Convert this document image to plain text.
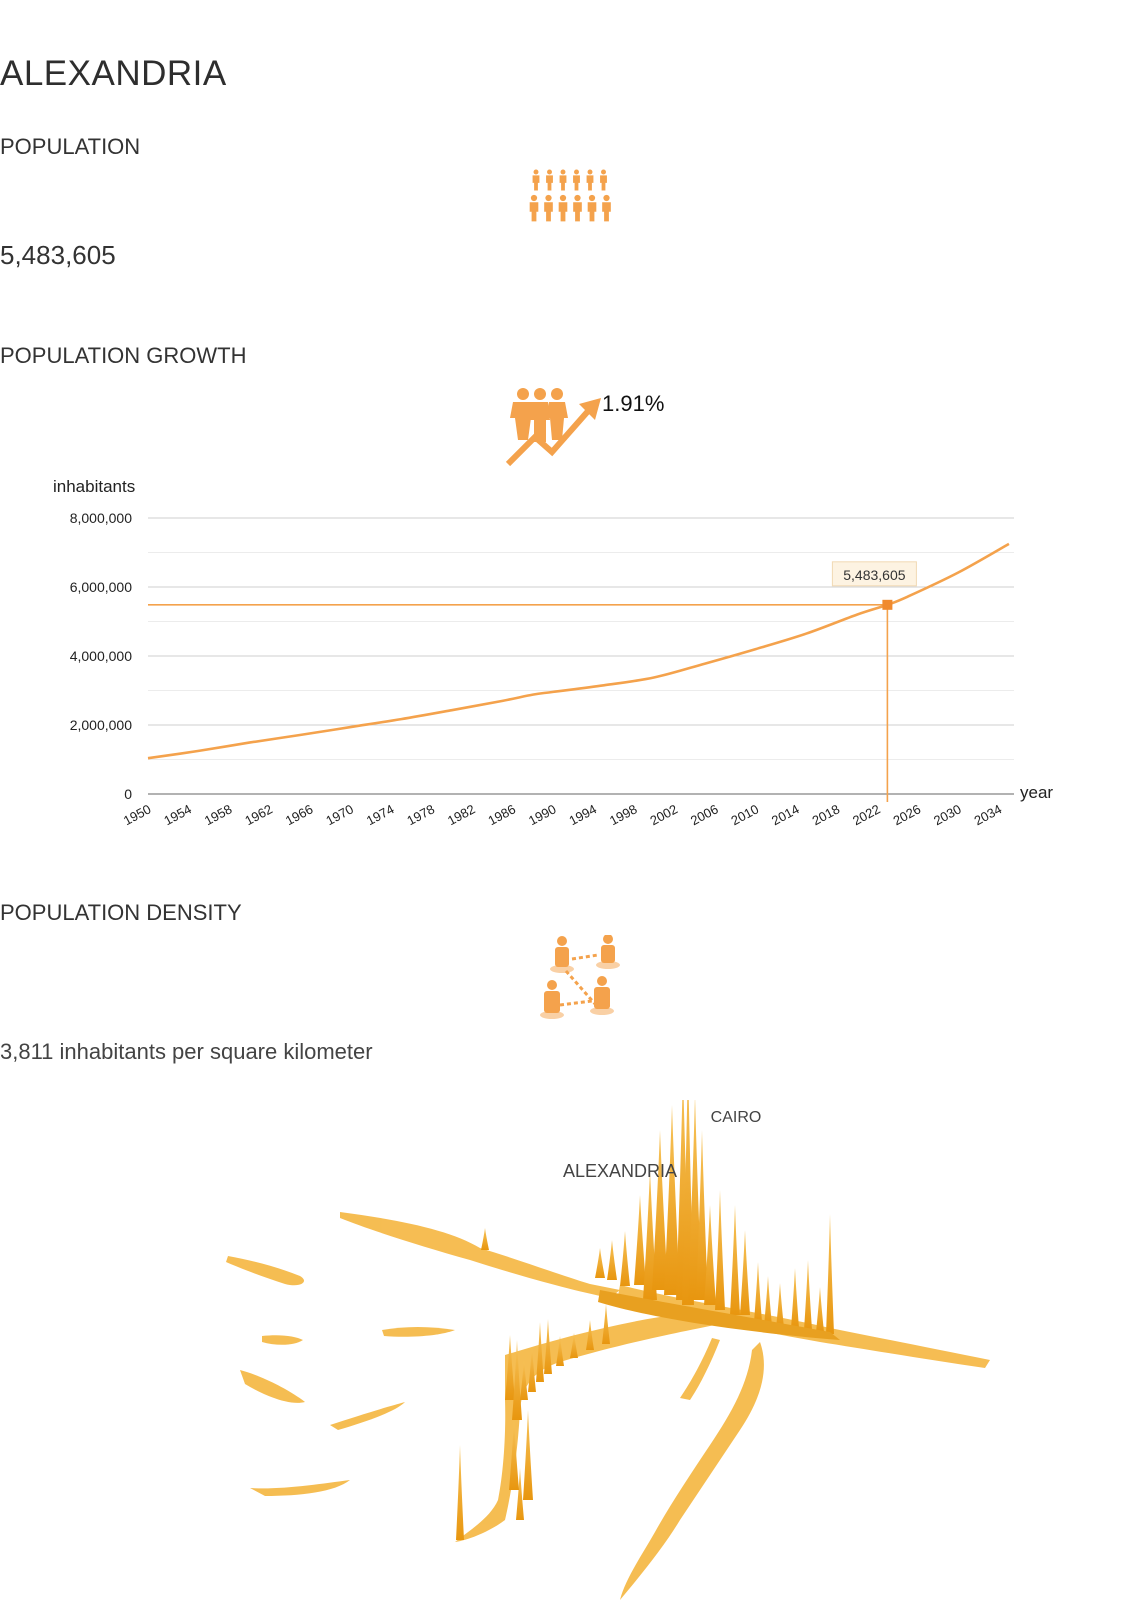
ALEXANDRIA
POPULATION
5,483,605
POPULATION GROWTH
1.91%
0
2,000,000
4,000,000
6,000,000
8,000,000
inhabitants
year
1950 1954 1958 1962 1966 1970 1974 1978 1982 1986 1990 1994 1998 2002 2006 2010 2014 2018 2022 2026 2030 2034
5,483,605
POPULATION DENSITY
3,811 inhabitants per square kilometer
CAIRO
ALEXANDRIA
